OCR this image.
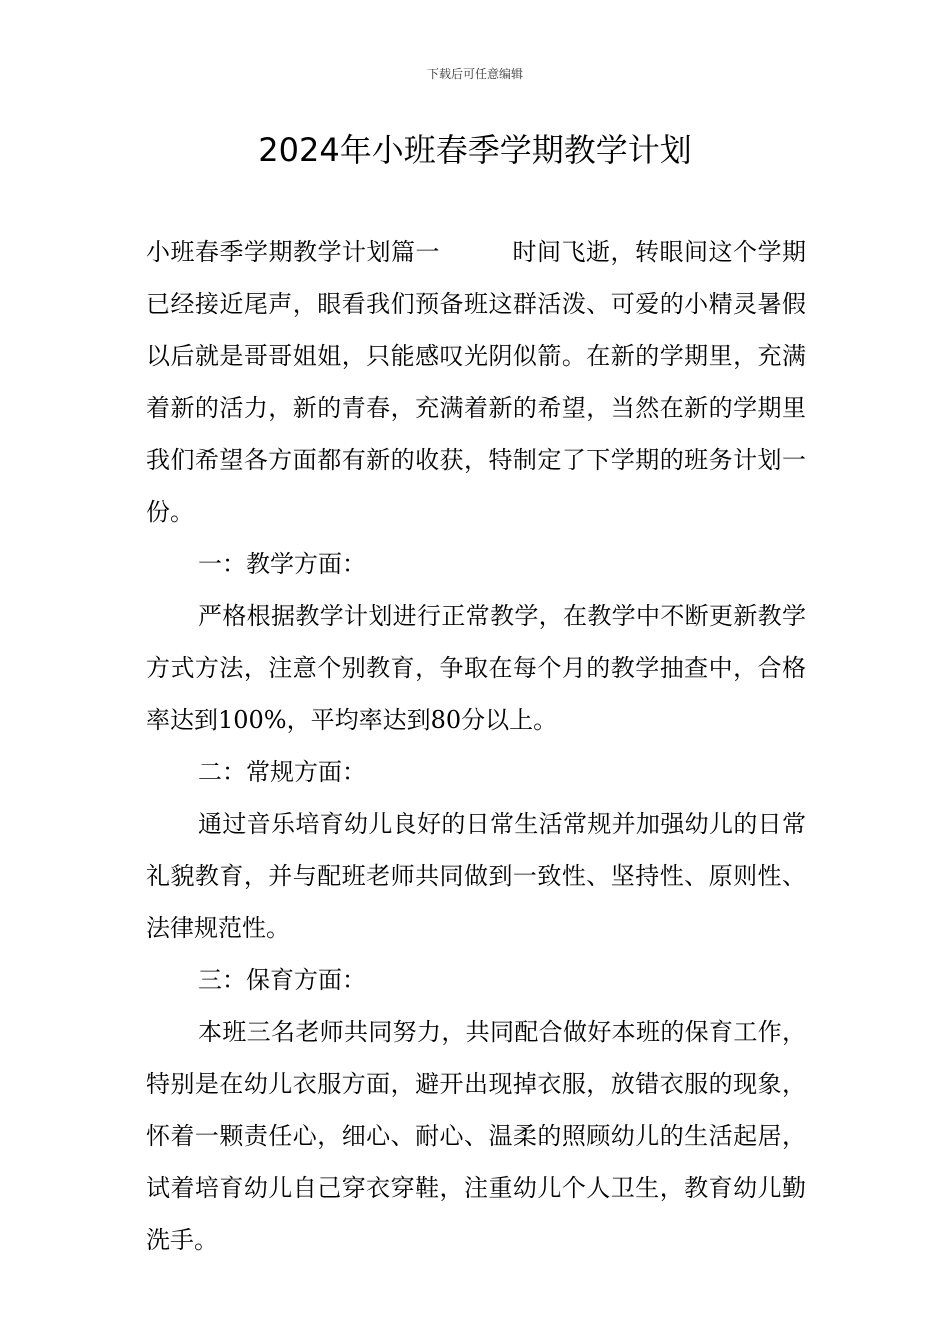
下载后可任意编辑
2024年小班春季学期教学计划

小班春季学期教学计划篇一	时间飞逝，转眼间这个学期已经接近尾声，眼看我们预备班这群活泼、可爱的小精灵暑假以后就是哥哥姐姐，只能感叹光阴似箭。在新的学期里，充满着新的活力，新的青春，充满着新的希望，当然在新的学期里我们希望各方面都有新的收获，特制定了下学期的班务计划一份。

一：教学方面：

严格根据教学计划进行正常教学，在教学中不断更新教学方式方法，注意个别教育，争取在每个月的教学抽查中，合格率达到100%，平均率达到80分以上。

二：常规方面：

通过音乐培育幼儿良好的日常生活常规并加强幼儿的日常礼貌教育，并与配班老师共同做到一致性、坚持性、原则性、法律规范性。

三：保育方面：

本班三名老师共同努力，共同配合做好本班的保育工作，特别是在幼儿衣服方面，避开出现掉衣服，放错衣服的现象，怀着一颗责任心，细心、耐心、温柔的照顾幼儿的生活起居，试着培育幼儿自己穿衣穿鞋，注重幼儿个人卫生，教育幼儿勤洗手。
